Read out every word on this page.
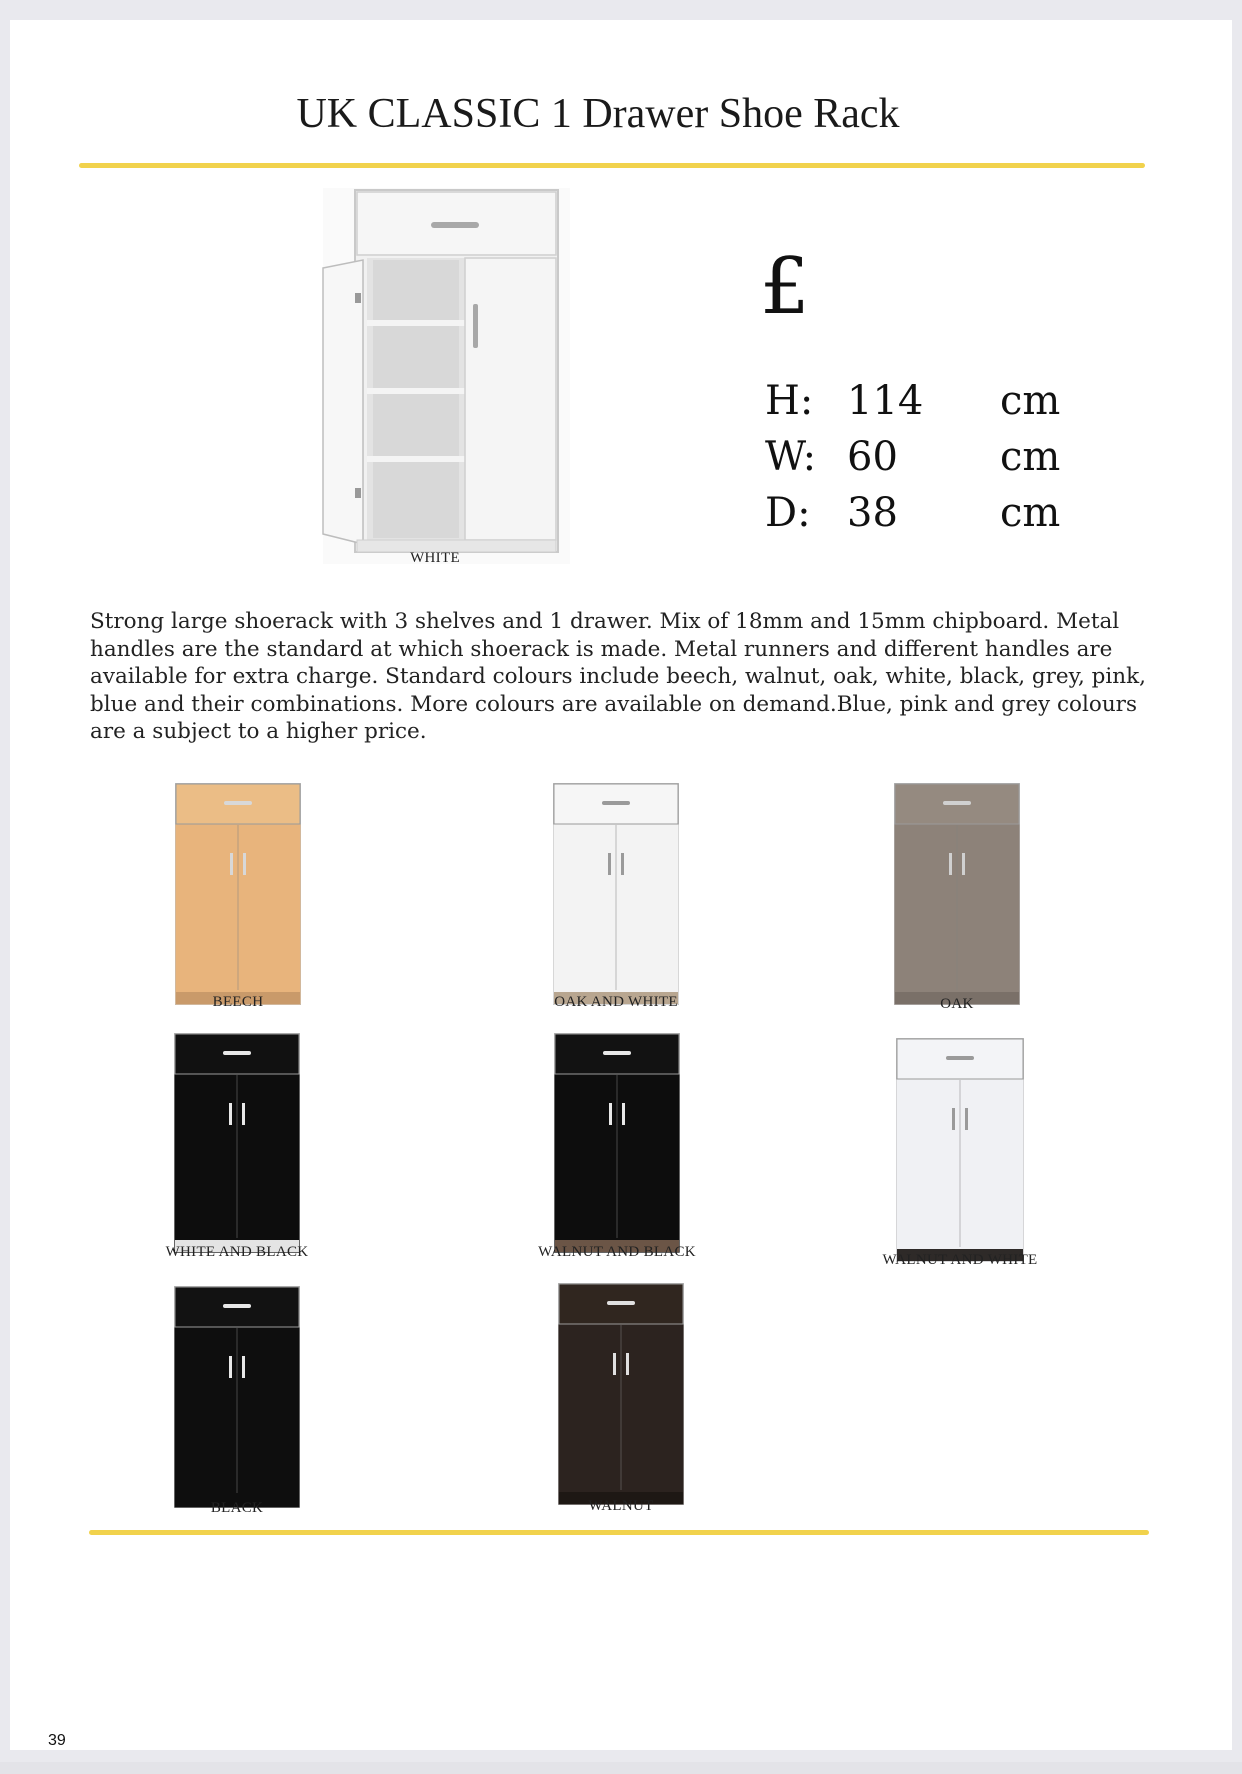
UK CLASSIC 1 Drawer Shoe Rack
WHITE
£
H: 114 cm
W: 60	cm
D: 38	cm
Strong large shoerack with 3 shelves and 1 drawer. Mix of 18mm and 15mm chipboard. Metal handles are the standard at which shoerack is made. Metal runners and different handles are available for extra charge. Standard colours include beech, walnut, oak, white, black, grey, pink, blue and their combinations. More colours are available on demand.Blue, pink and grey colours are a subject to a higher price.
BEECH	OAK AND WHITE	OAK
WHITE AND BLACK	WALNUT AND BLACK	WALNUT AND WHITE
BLACK	WALNUT
39
